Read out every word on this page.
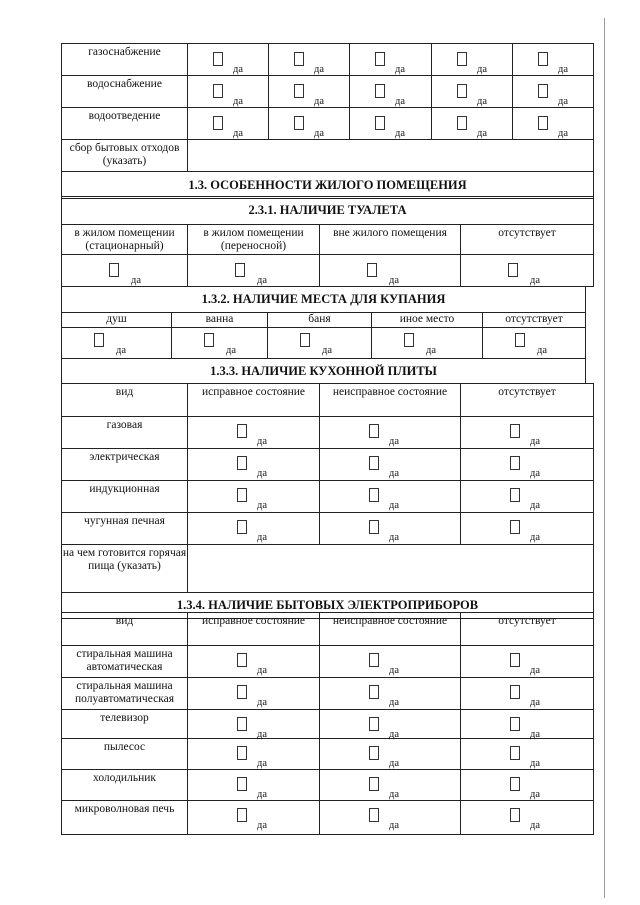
газоснабжение	да	да	да	да	да

водоснабжение	да	да	да	да	да

водоотведение	да	да	да	да	да

сбор бытовых отходов (указать)					
1.3. ОСОБЕННОСТИ ЖИЛОГО ПОМЕЩЕНИЯ					
2.3.1. НАЛИЧИЕ ТУАЛЕТА			
в жилом помещении (стационарный)	в жилом помещении (переносной)	вне жилого помещения	отсутствует

да	да	да	да
1.3.2. НАЛИЧИЕ МЕСТА ДЛЯ КУПАНИЯ				
душ	ванна	баня	иное место	отсутствует

да	да	да	да	да

1.3.3. НАЛИЧИЕ КУХОННОЙ ПЛИТЫ				
вид	исправное состояние	неисправное состояние	отсутствует
газовая	да	да	да

электрическая	да	да	да

индукционная	да	да	да

чугунная печная	да	да	да

на чем готовится горячая пища (указать)			
1.3.4. НАЛИЧИЕ БЫТОВЫХ ЭЛЕКТРОПРИБОРОВ			
вид	исправное состояние	неисправное состояние	отсутствует
стиральная машина автоматическая	да	да	да

стиральная машина полуавтоматическая	да	да	да

телевизор	да	да	да

пылесос	да	да	да

холодильник	да	да	да

микроволновая печь	да	да	да
